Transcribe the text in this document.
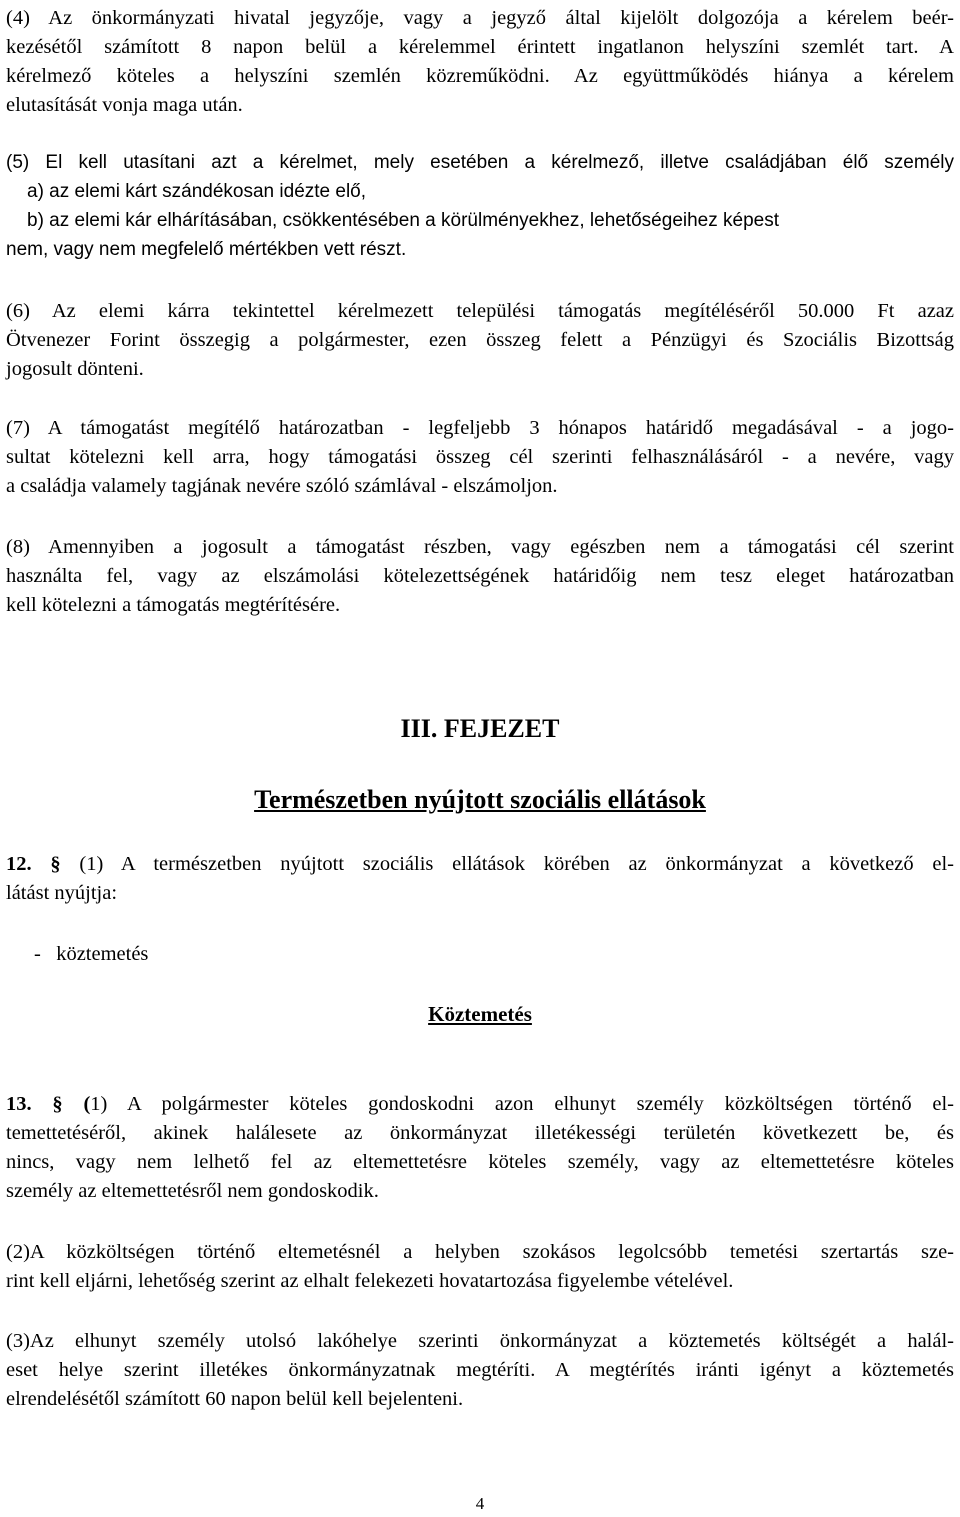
(4) Az önkormányzati hivatal jegyzője, vagy a jegyző által kijelölt dolgozója a kérelem beér-
kezésétől számított 8 napon belül a kérelemmel érintett ingatlanon helyszíni szemlét tart. A
kérelmező köteles a helyszíni szemlén közreműködni. Az együttműködés hiánya a kérelem
elutasítását vonja maga után.
(5) El kell utasítani azt a kérelmet, mely esetében a kérelmező, illetve családjában élő személy
a) az elemi kárt szándékosan idézte elő,
b) az elemi kár elhárításában, csökkentésében a körülményekhez, lehetőségeihez képest
nem, vagy nem megfelelő mértékben vett részt.
(6) Az elemi kárra tekintettel kérelmezett települési támogatás megítéléséről 50.000 Ft azaz
Ötvenezer Forint összegig a polgármester, ezen összeg felett a Pénzügyi és Szociális Bizottság
jogosult dönteni.
(7) A támogatást megítélő határozatban - legfeljebb 3 hónapos határidő megadásával - a jogo-
sultat kötelezni kell arra, hogy támogatási összeg cél szerinti felhasználásáról - a nevére, vagy
a családja valamely tagjának nevére szóló számlával - elszámoljon.
(8) Amennyiben a jogosult a támogatást részben, vagy egészben nem a támogatási cél szerint
használta fel, vagy az elszámolási kötelezettségének határidőig nem tesz eleget határozatban
kell kötelezni a támogatás megtérítésére.
III. FEJEZET
Természetben nyújtott szociális ellátások
12. § (1) A természetben nyújtott szociális ellátások körében az önkormányzat a következő el-
látást nyújtja:
-   köztemetés
Köztemetés
13. § (1) A polgármester köteles gondoskodni azon elhunyt személy közköltségen történő el-
temettetéséről, akinek halálesete az önkormányzat illetékességi területén következett be, és
nincs, vagy nem lelhető fel az eltemettetésre köteles személy, vagy az eltemettetésre köteles
személy az eltemettetésről nem gondoskodik.
(2)A közköltségen történő eltemetésnél a helyben szokásos legolcsóbb temetési szertartás sze-
rint kell eljárni, lehetőség szerint az elhalt felekezeti hovatartozása figyelembe vételével.
(3)Az elhunyt személy utolsó lakóhelye szerinti önkormányzat a köztemetés költségét a halál-
eset helye szerint illetékes önkormányzatnak megtéríti. A megtérítés iránti igényt a köztemetés
elrendelésétől számított 60 napon belül kell bejelenteni.
4
